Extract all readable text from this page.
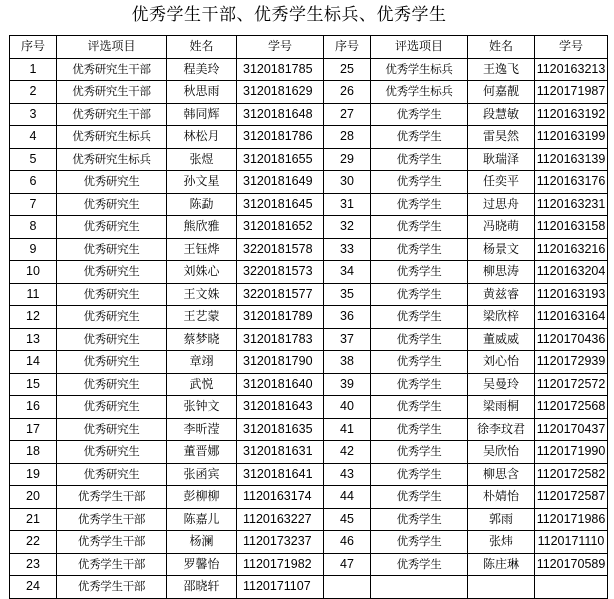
优秀学生干部、优秀学生标兵、优秀学生
序号	评选项目	姓名	学号	序号	评选项目	姓名	学号
1	优秀研究生干部	程美玲	3120181785	25	优秀学生标兵	王逸飞	1120163213
2	优秀研究生干部	秋思雨	3120181629	26	优秀学生标兵	何嘉靓	1120171987
3	优秀研究生干部	韩同辉	3120181648	27	优秀学生	段慧敏	1120163192
4	优秀研究生标兵	林松月	3120181786	28	优秀学生	雷昊然	1120163199
5	优秀研究生标兵	张煜	3120181655	29	优秀学生	耿瑞泽	1120163139
6	优秀研究生	孙文星	3120181649	30	优秀学生	任奕平	1120163176
7	优秀研究生	陈勐	3120181645	31	优秀学生	过思舟	1120163231
8	优秀研究生	熊欣雅	3120181652	32	优秀学生	冯晓萌	1120163158
9	优秀研究生	王钰烨	3220181578	33	优秀学生	杨景文	1120163216
10	优秀研究生	刘姝心	3220181573	34	优秀学生	柳思涛	1120163204
11	优秀研究生	王文姝	3220181577	35	优秀学生	黄兹睿	1120163193
12	优秀研究生	王艺蒙	3120181789	36	优秀学生	梁欣梓	1120163164
13	优秀研究生	蔡梦晓	3120181783	37	优秀学生	董威威	1120170436
14	优秀研究生	章翊	3120181790	38	优秀学生	刘心怡	1120172939
15	优秀研究生	武悦	3120181640	39	优秀学生	吴曼玲	1120172572
16	优秀研究生	张钟文	3120181643	40	优秀学生	梁雨桐	1120172568
17	优秀研究生	李昕滢	3120181635	41	优秀学生	徐李玟君	1120170437
18	优秀研究生	董晋娜	3120181631	42	优秀学生	吴欣怡	1120171990
19	优秀研究生	张函宾	3120181641	43	优秀学生	柳思含	1120172582
20	优秀学生干部	彭柳柳	1120163174	44	优秀学生	朴婧怡	1120172587
21	优秀学生干部	陈嘉儿	1120163227	45	优秀学生	郭雨	1120171986
22	优秀学生干部	杨澜	1120173237	46	优秀学生	张炜	1120171110
23	优秀学生干部	罗馨怡	1120171982	47	优秀学生	陈庄琳	1120170589
24	优秀学生干部	邵晓轩	1120171107				
